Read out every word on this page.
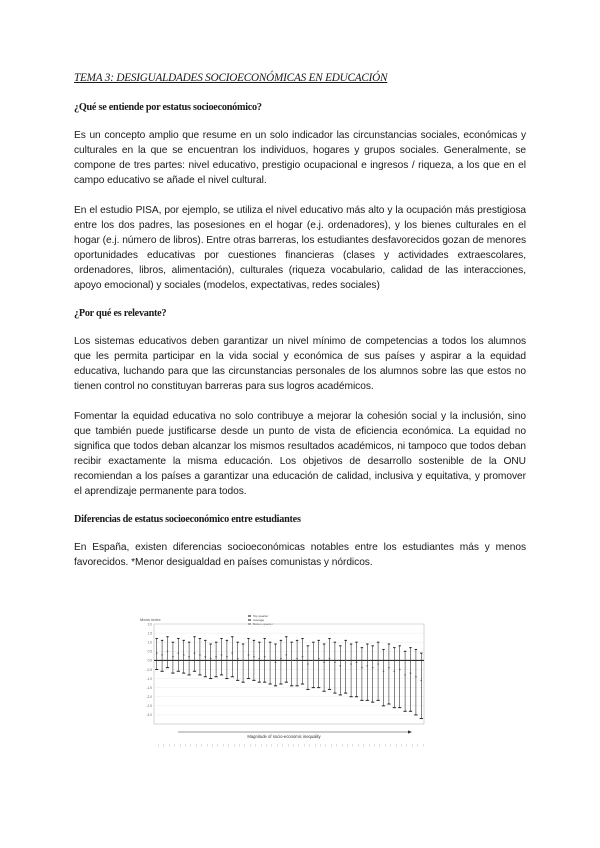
TEMA 3: DESIGUALDADES SOCIOECONÓMICAS EN EDUCACIÓN
¿Qué se entiende por estatus socioeconómico?

Es un concepto amplio que resume en un solo indicador las circunstancias sociales, económicas y culturales en la que se encuentran los individuos, hogares y grupos sociales. Generalmente, se compone de tres partes: nivel educativo, prestigio ocupacional e ingresos / riqueza, a los que en el campo educativo se añade el nivel cultural.

En el estudio PISA, por ejemplo, se utiliza el nivel educativo más alto y la ocupación más prestigiosa entre los dos padres, las posesiones en el hogar (e.j. ordenadores), y los bienes culturales en el hogar (e.j. número de libros). Entre otras barreras, los estudiantes desfavorecidos gozan de menores oportunidades educativas por cuestiones financieras (clases y actividades extraescolares, ordenadores, libros, alimentación), culturales (riqueza vocabulario, calidad de las interacciones, apoyo emocional) y sociales (modelos, expectativas, redes sociales)

¿Por qué es relevante?

Los sistemas educativos deben garantizar un nivel mínimo de competencias a todos los alumnos que les permita participar en la vida social y económica de sus países y aspirar a la equidad educativa, luchando para que las circunstancias personales de los alumnos sobre las que estos no tienen control no constituyan barreras para sus logros académicos.

Fomentar la equidad educativa no solo contribuye a mejorar la cohesión social y la inclusión, sino que también puede justificarse desde un punto de vista de eficiencia económica. La equidad no significa que todos deban alcanzar los mismos resultados académicos, ni tampoco que todos deban recibir exactamente la misma educación. Los objetivos de desarrollo sostenible de la ONU recomiendan a los países a garantizar una educación de calidad, inclusiva y equitativa, y promover el aprendizaje permanente para todos.

Diferencias de estatus socioeconómico entre estudiantes

En España, existen diferencias socioeconómicas notables entre los estudiantes más y menos favorecidos. *Menor desigualdad en países comunistas y nórdicos.

Mean index
Top quarter
Average
Bottom quarter
-3.0
-2.5
-2.0
-1.5
-1.0
-0.5
0.0
0.5
1.0
1.5
2.0
Magnitude of socio-economic inequality
— — — — — — — — — — — — — — — — — — — — — — — — — — — — — — — — — — — — — — — — — — — — — — — — — —
